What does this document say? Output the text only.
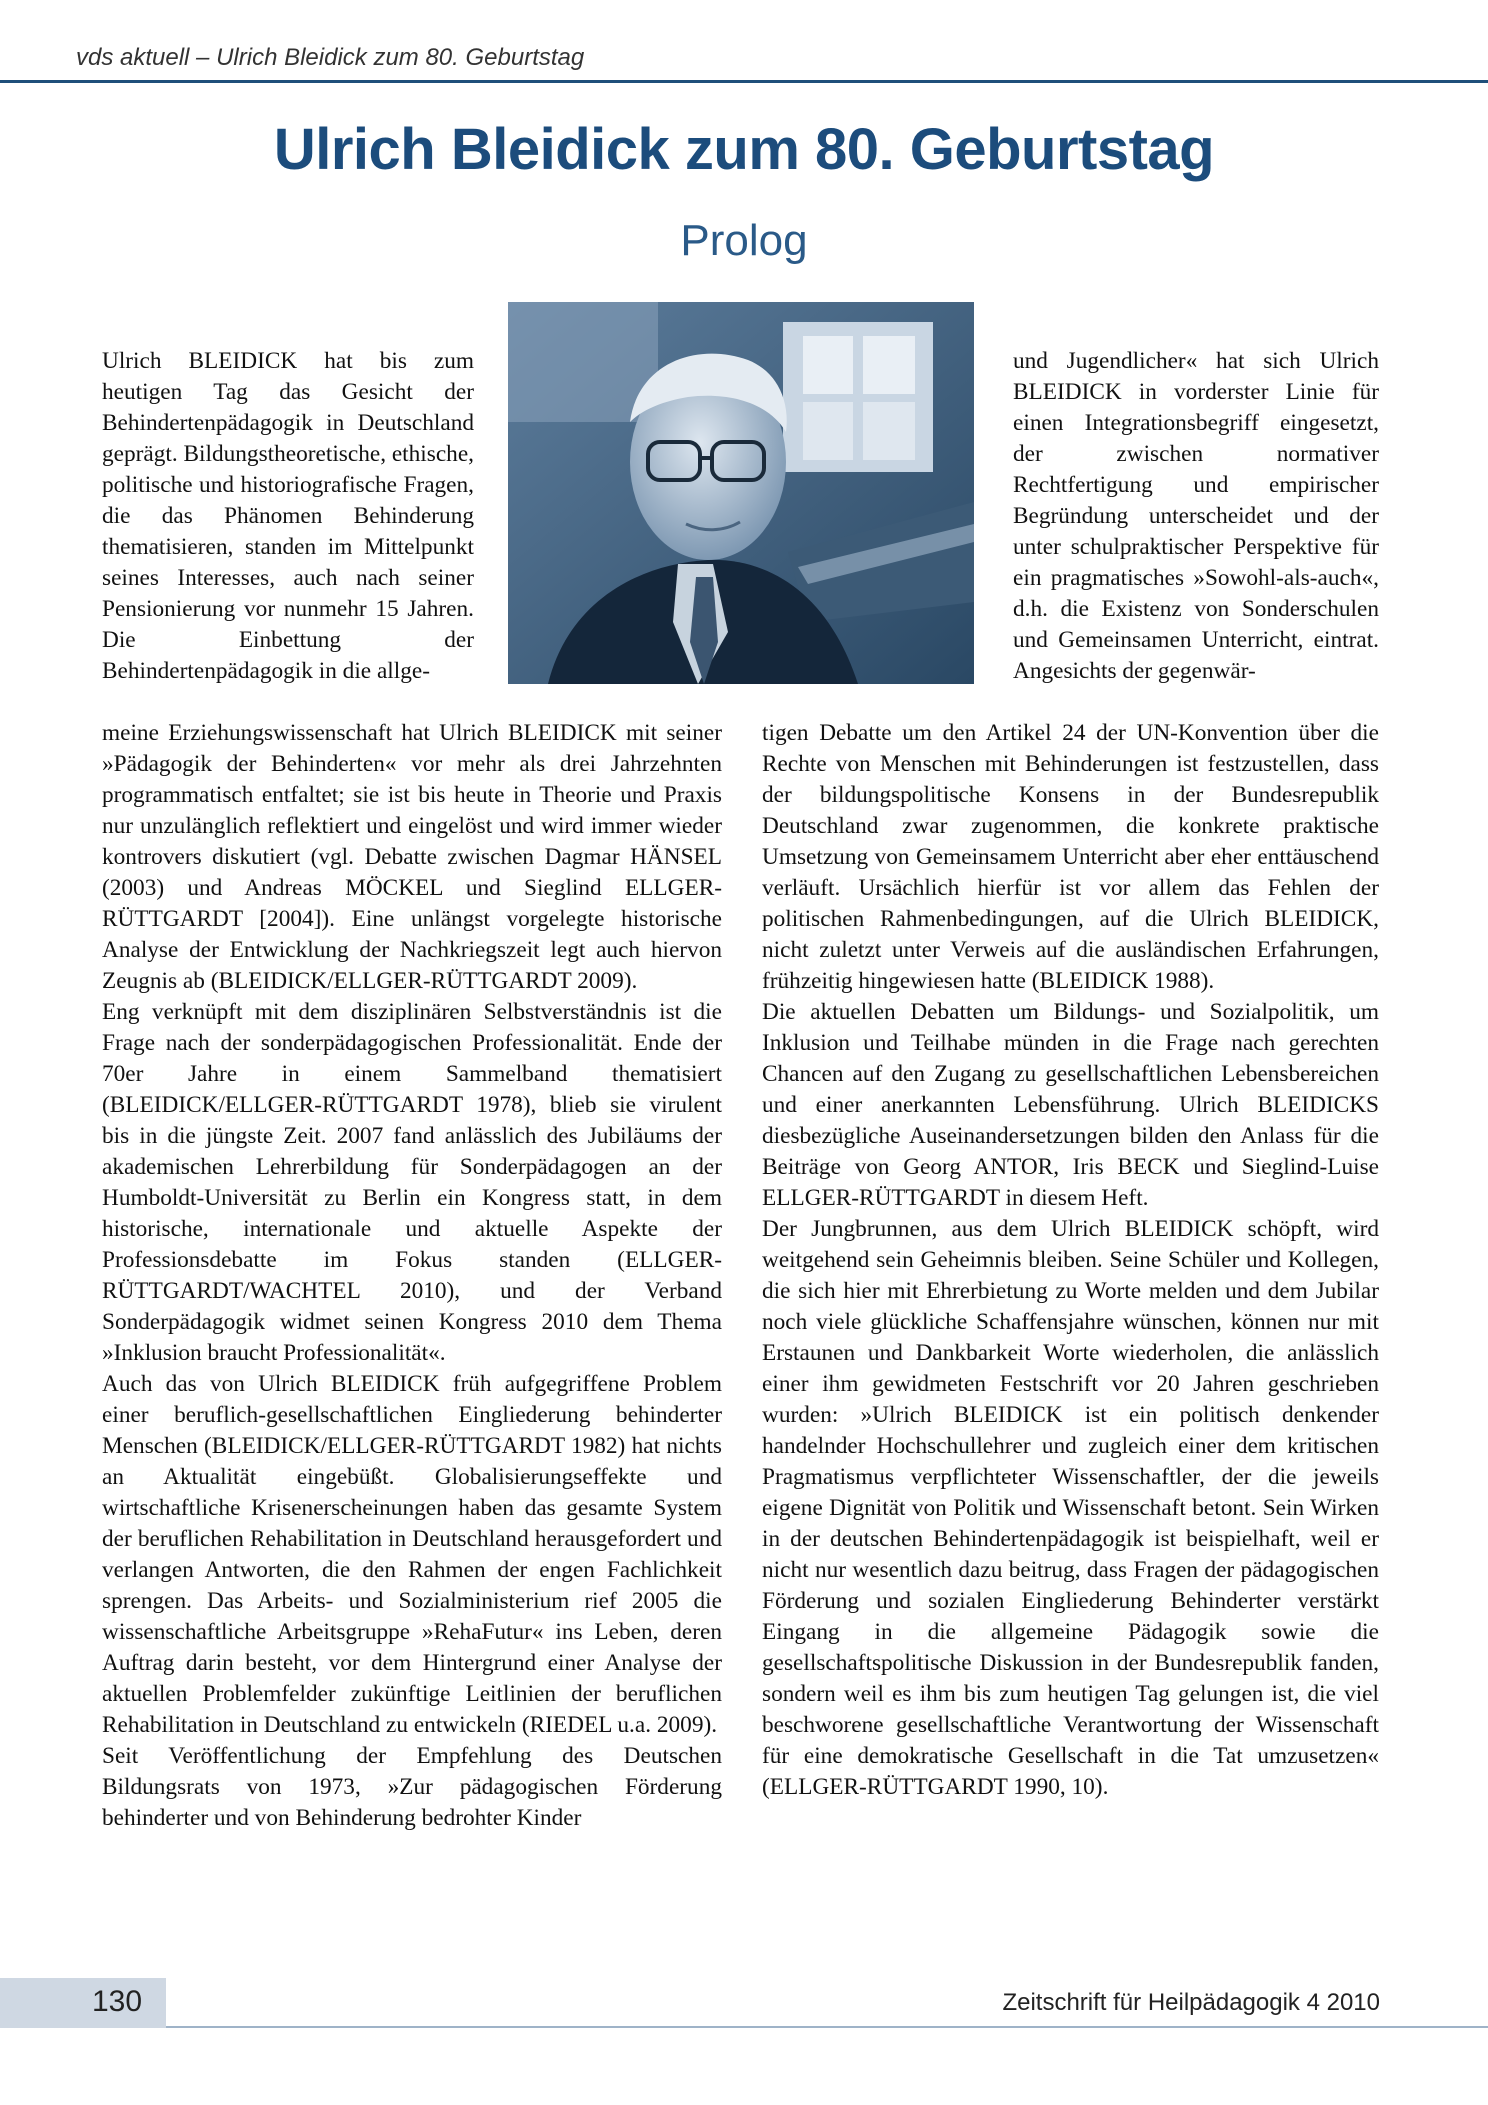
vds aktuell – Ulrich Bleidick zum 80. Geburtstag
Ulrich Bleidick zum 80. Geburtstag
Prolog

Ulrich BLEIDICK hat bis zum heutigen Tag das Gesicht der Behindertenpädagogik in Deutschland geprägt. Bildungstheoretische, ethische, politische und historiografische Fragen, die das Phänomen Behinderung thematisieren, standen im Mittelpunkt seines Interesses, auch nach seiner Pensionierung vor nunmehr 15 Jahren. Die Einbettung der Behindertenpädagogik in die allge-

und Jugendlicher« hat sich Ulrich BLEIDICK in vorderster Linie für einen Integrationsbegriff eingesetzt, der zwischen normativer Rechtfertigung und empirischer Begründung unterscheidet und der unter schulpraktischer Perspektive für ein pragmatisches »Sowohl-als-auch«, d.h. die Existenz von Sonderschulen und Gemeinsamen Unterricht, eintrat. Angesichts der gegenwär-

meine Erziehungswissenschaft hat Ulrich BLEIDICK mit seiner »Pädagogik der Behinderten« vor mehr als drei Jahrzehnten programmatisch entfaltet; sie ist bis heute in Theorie und Praxis nur unzulänglich reflektiert und eingelöst und wird immer wieder kontrovers diskutiert (vgl. Debatte zwischen Dagmar HÄNSEL (2003) und Andreas MÖCKEL und Sieglind ELLGER-RÜTTGARDT [2004]). Eine unlängst vorgelegte historische Analyse der Entwicklung der Nachkriegszeit legt auch hiervon Zeugnis ab (BLEIDICK/ELLGER-RÜTTGARDT 2009).

Eng verknüpft mit dem disziplinären Selbstverständnis ist die Frage nach der sonderpädagogischen Professionalität. Ende der 70er Jahre in einem Sammelband thematisiert (BLEIDICK/ELLGER-RÜTTGARDT 1978), blieb sie virulent bis in die jüngste Zeit. 2007 fand anlässlich des Jubiläums der akademischen Lehrerbildung für Sonderpädagogen an der Humboldt-Universität zu Berlin ein Kongress statt, in dem historische, internationale und aktuelle Aspekte der Professionsdebatte im Fokus standen (ELLGER-RÜTTGARDT/WACHTEL 2010), und der Verband Sonderpädagogik widmet seinen Kongress 2010 dem Thema »Inklusion braucht Professionalität«.

Auch das von Ulrich BLEIDICK früh aufgegriffene Problem einer beruflich-gesellschaftlichen Eingliederung behinderter Menschen (BLEIDICK/ELLGER-RÜTTGARDT 1982) hat nichts an Aktualität eingebüßt. Globalisierungseffekte und wirtschaftliche Krisenerscheinungen haben das gesamte System der beruflichen Rehabilitation in Deutschland herausgefordert und verlangen Antworten, die den Rahmen der engen Fachlichkeit sprengen. Das Arbeits- und Sozialministerium rief 2005 die wissenschaftliche Arbeitsgruppe »RehaFutur« ins Leben, deren Auftrag darin besteht, vor dem Hintergrund einer Analyse der aktuellen Problemfelder zukünftige Leitlinien der beruflichen Rehabilitation in Deutschland zu entwickeln (RIEDEL u.a. 2009).

Seit Veröffentlichung der Empfehlung des Deutschen Bildungsrats von 1973, »Zur pädagogischen Förderung behinderter und von Behinderung bedrohter Kinder

tigen Debatte um den Artikel 24 der UN-Konvention über die Rechte von Menschen mit Behinderungen ist festzustellen, dass der bildungspolitische Konsens in der Bundesrepublik Deutschland zwar zugenommen, die konkrete praktische Umsetzung von Gemeinsamem Unterricht aber eher enttäuschend verläuft. Ursächlich hierfür ist vor allem das Fehlen der politischen Rahmenbedingungen, auf die Ulrich BLEIDICK, nicht zuletzt unter Verweis auf die ausländischen Erfahrungen, frühzeitig hingewiesen hatte (BLEIDICK 1988).

Die aktuellen Debatten um Bildungs- und Sozialpolitik, um Inklusion und Teilhabe münden in die Frage nach gerechten Chancen auf den Zugang zu gesellschaftlichen Lebensbereichen und einer anerkannten Lebensführung. Ulrich BLEIDICKS diesbezügliche Auseinandersetzungen bilden den Anlass für die Beiträge von Georg ANTOR, Iris BECK und Sieglind-Luise ELLGER-RÜTTGARDT in diesem Heft.

Der Jungbrunnen, aus dem Ulrich BLEIDICK schöpft, wird weitgehend sein Geheimnis bleiben. Seine Schüler und Kollegen, die sich hier mit Ehrerbietung zu Worte melden und dem Jubilar noch viele glückliche Schaffensjahre wünschen, können nur mit Erstaunen und Dankbarkeit Worte wiederholen, die anlässlich einer ihm gewidmeten Festschrift vor 20 Jahren geschrieben wurden: »Ulrich BLEIDICK ist ein politisch denkender handelnder Hochschullehrer und zugleich einer dem kritischen Pragmatismus verpflichteter Wissenschaftler, der die jeweils eigene Dignität von Politik und Wissenschaft betont. Sein Wirken in der deutschen Behindertenpädagogik ist beispielhaft, weil er nicht nur wesentlich dazu beitrug, dass Fragen der pädagogischen Förderung und sozialen Eingliederung Behinderter verstärkt Eingang in die allgemeine Pädagogik sowie die gesellschaftspolitische Diskussion in der Bundesrepublik fanden, sondern weil es ihm bis zum heutigen Tag gelungen ist, die viel beschworene gesellschaftliche Verantwortung der Wissenschaft für eine demokratische Gesellschaft in die Tat umzusetzen« (ELLGER-RÜTTGARDT 1990, 10).

130	Zeitschrift für Heilpädagogik 4 2010
